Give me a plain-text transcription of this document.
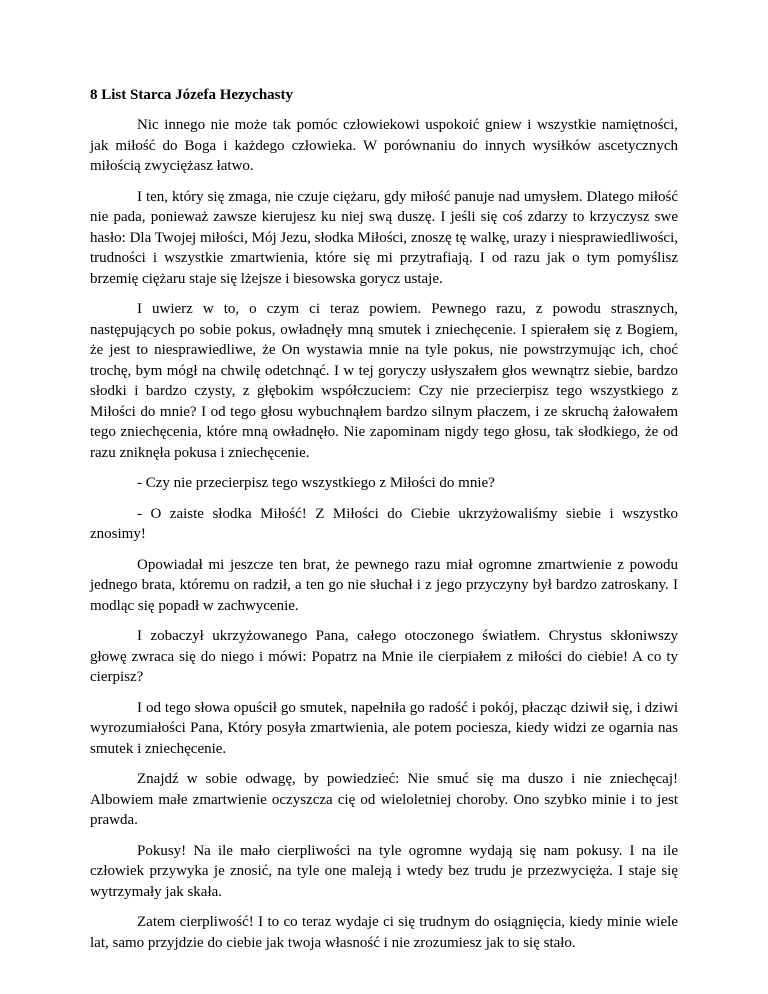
8 List Starca Józefa Hezychasty

Nic innego nie może tak pomóc człowiekowi uspokoić gniew i wszystkie namiętności, jak miłość do Boga i każdego człowieka. W porównaniu do innych wysiłków ascetycznych miłością zwyciężasz łatwo.

I ten, który się zmaga, nie czuje ciężaru, gdy miłość panuje nad umysłem. Dlatego miłość nie pada, ponieważ zawsze kierujesz ku niej swą duszę. I jeśli się coś zdarzy to krzyczysz swe hasło: Dla Twojej miłości, Mój Jezu, słodka Miłości, znoszę tę walkę, urazy i niesprawiedliwości, trudności i wszystkie zmartwienia, które się mi przytrafiają. I od razu jak o tym pomyślisz brzemię ciężaru staje się lżejsze i biesowska gorycz ustaje.

I uwierz w to, o czym ci teraz powiem. Pewnego razu, z powodu strasznych, następujących po sobie pokus, owładnęły mną smutek i zniechęcenie. I spierałem się z Bogiem, że jest to niesprawiedliwe, że On wystawia mnie na tyle pokus, nie powstrzymując ich, choć trochę, bym mógł na chwilę odetchnąć. I w tej goryczy usłyszałem głos wewnątrz siebie, bardzo słodki i bardzo czysty, z głębokim współczuciem: Czy nie przecierpisz tego wszystkiego z Miłości do mnie? I od tego głosu wybuchnąłem bardzo silnym płaczem, i ze skruchą żałowałem tego zniechęcenia, które mną owładnęło. Nie zapominam nigdy tego głosu, tak słodkiego, że od razu zniknęła pokusa i zniechęcenie.

- Czy nie przecierpisz tego wszystkiego z Miłości do mnie?

- O zaiste słodka Miłość! Z Miłości do Ciebie ukrzyżowaliśmy siebie i wszystko znosimy!

Opowiadał mi jeszcze ten brat, że pewnego razu miał ogromne zmartwienie z powodu jednego brata, któremu on radził, a ten go nie słuchał i z jego przyczyny był bardzo zatroskany. I modląc się popadł w zachwycenie.

I zobaczył ukrzyżowanego Pana, całego otoczonego światłem. Chrystus skłoniwszy głowę zwraca się do niego i mówi: Popatrz na Mnie ile cierpiałem z miłości do ciebie! A co ty cierpisz?

I od tego słowa opuścił go smutek, napełniła go radość i pokój, płacząc dziwił się, i dziwi wyrozumiałości Pana, Który posyła zmartwienia, ale potem pociesza, kiedy widzi ze ogarnia nas smutek i zniechęcenie.

Znajdź w sobie odwagę, by powiedzieć: Nie smuć się ma duszo i nie zniechęcaj! Albowiem małe zmartwienie oczyszcza cię od wieloletniej choroby. Ono szybko minie i to jest prawda.

Pokusy! Na ile mało cierpliwości na tyle ogromne wydają się nam pokusy. I na ile człowiek przywyka je znosić, na tyle one maleją i wtedy bez trudu je przezwycięża. I staje się wytrzymały jak skała.

Zatem cierpliwość! I to co teraz wydaje ci się trudnym do osiągnięcia, kiedy minie wiele lat, samo przyjdzie do ciebie jak twoja własność i nie zrozumiesz jak to się stało.
